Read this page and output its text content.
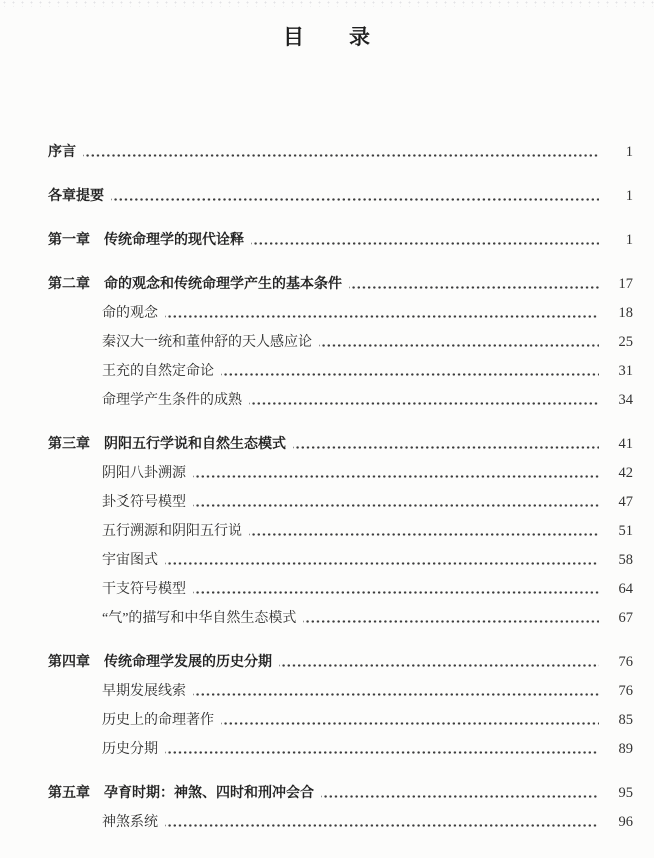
目　　录
序言	1
各章提要	1
第一章	传统命理学的现代诠释	1
第二章	命的观念和传统命理学产生的基本条件	17
命的观念	18
秦汉大一统和董仲舒的天人感应论	25
王充的自然定命论	31
命理学产生条件的成熟	34
第三章	阴阳五行学说和自然生态模式	41
阴阳八卦溯源	42
卦爻符号模型	47
五行溯源和阴阳五行说	51
宇宙图式	58
干支符号模型	64
“气”的描写和中华自然生态模式	67
第四章	传统命理学发展的历史分期	76
早期发展线索	76
历史上的命理著作	85
历史分期	89
第五章	孕育时期：神煞、四时和刑冲会合	95
神煞系统	96
